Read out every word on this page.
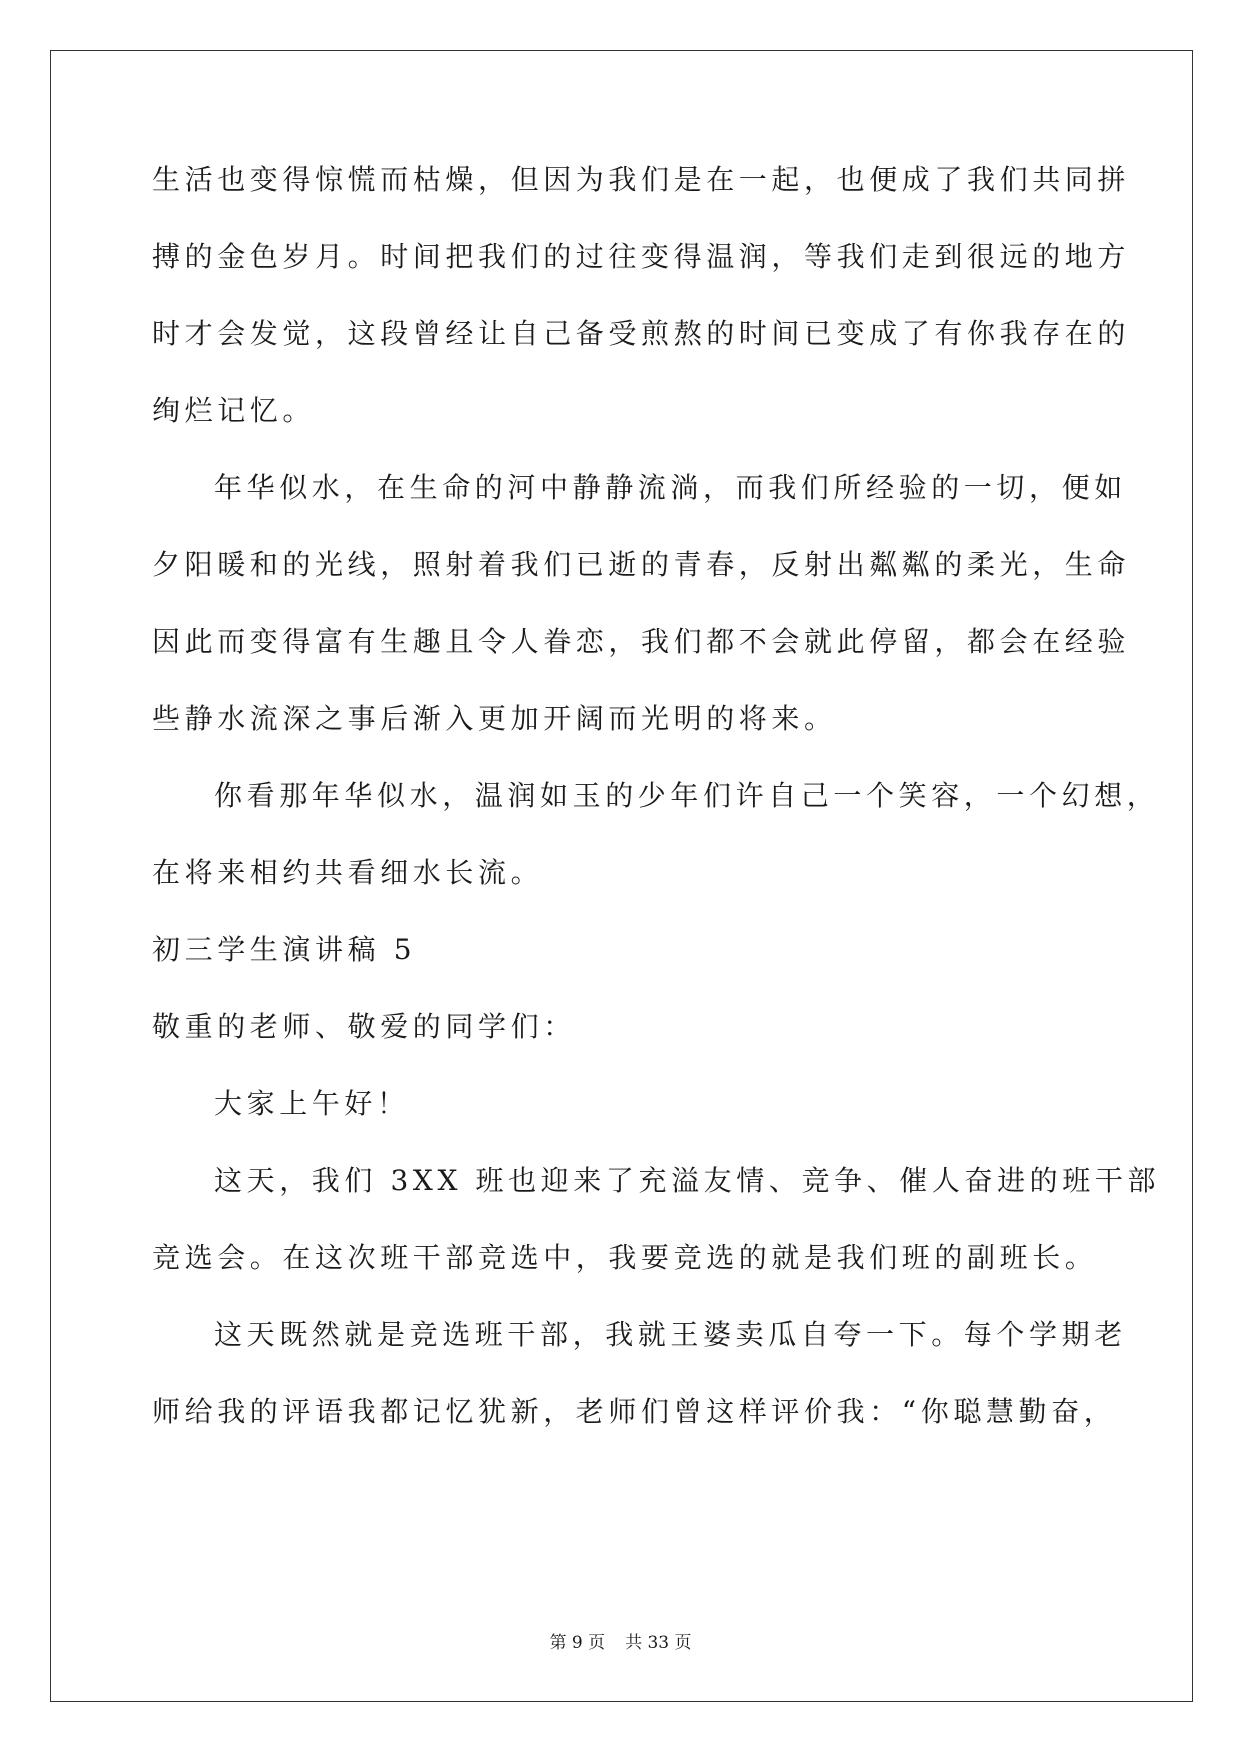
生活也变得惊慌而枯燥，但因为我们是在一起，也便成了我们共同拼
搏的金色岁月。时间把我们的过往变得温润，等我们走到很远的地方
时才会发觉，这段曾经让自己备受煎熬的时间已变成了有你我存在的
绚烂记忆。
年华似水，在生命的河中静静流淌，而我们所经验的一切，便如
夕阳暖和的光线，照射着我们已逝的青春，反射出粼粼的柔光，生命
因此而变得富有生趣且令人眷恋，我们都不会就此停留，都会在经验
些静水流深之事后渐入更加开阔而光明的将来。
你看那年华似水，温润如玉的少年们许自己一个笑容，一个幻想，
在将来相约共看细水长流。
初三学生演讲稿 5
敬重的老师、敬爱的同学们：
大家上午好！
这天，我们 3XX 班也迎来了充溢友情、竞争、催人奋进的班干部
竞选会。在这次班干部竞选中，我要竞选的就是我们班的副班长。
这天既然就是竞选班干部，我就王婆卖瓜自夸一下。每个学期老
师给我的评语我都记忆犹新，老师们曾这样评价我：“你聪慧勤奋，
第 9 页 共 33 页
